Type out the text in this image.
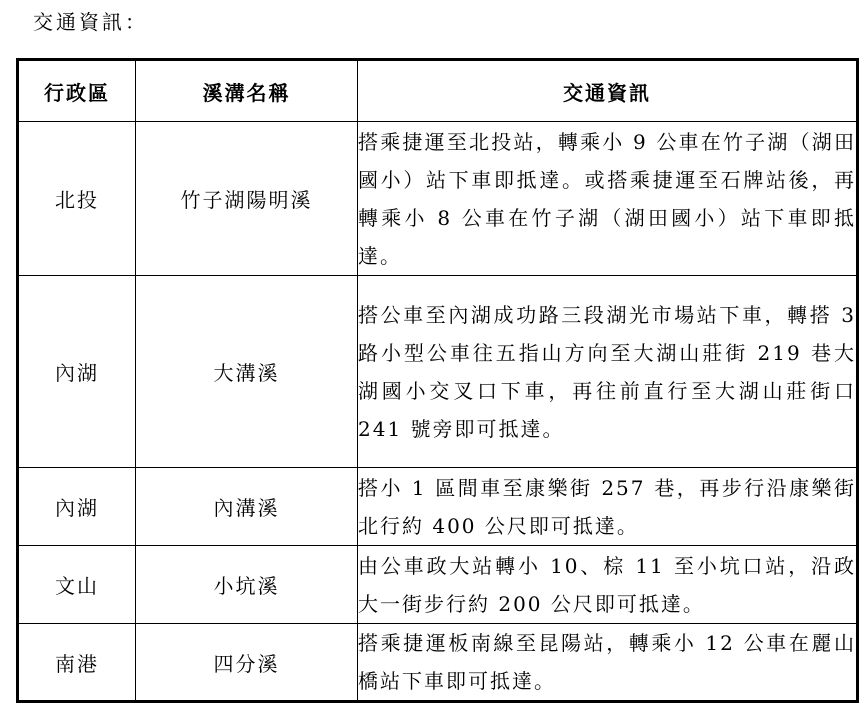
交通資訊：
行政區	溪溝名稱	交通資訊
北投	竹子湖陽明溪	搭乘捷運至北投站，轉乘小 9 公車在竹子湖（湖田國小）站下車即抵達。或搭乘捷運至石牌站後，再轉乘小 8 公車在竹子湖（湖田國小）站下車即抵達。
內湖	大溝溪	搭公車至內湖成功路三段湖光市場站下車，轉搭 3 路小型公車往五指山方向至大湖山莊街 219 巷大湖國小交叉口下車，再往前直行至大湖山莊街口 241 號旁即可抵達。
內湖	內溝溪	搭小 1 區間車至康樂街 257 巷，再步行沿康樂街北行約 400 公尺即可抵達。
文山	小坑溪	由公車政大站轉小 10、棕 11 至小坑口站，沿政大一街步行約 200 公尺即可抵達。
南港	四分溪	搭乘捷運板南線至昆陽站，轉乘小 12 公車在麗山橋站下車即可抵達。
